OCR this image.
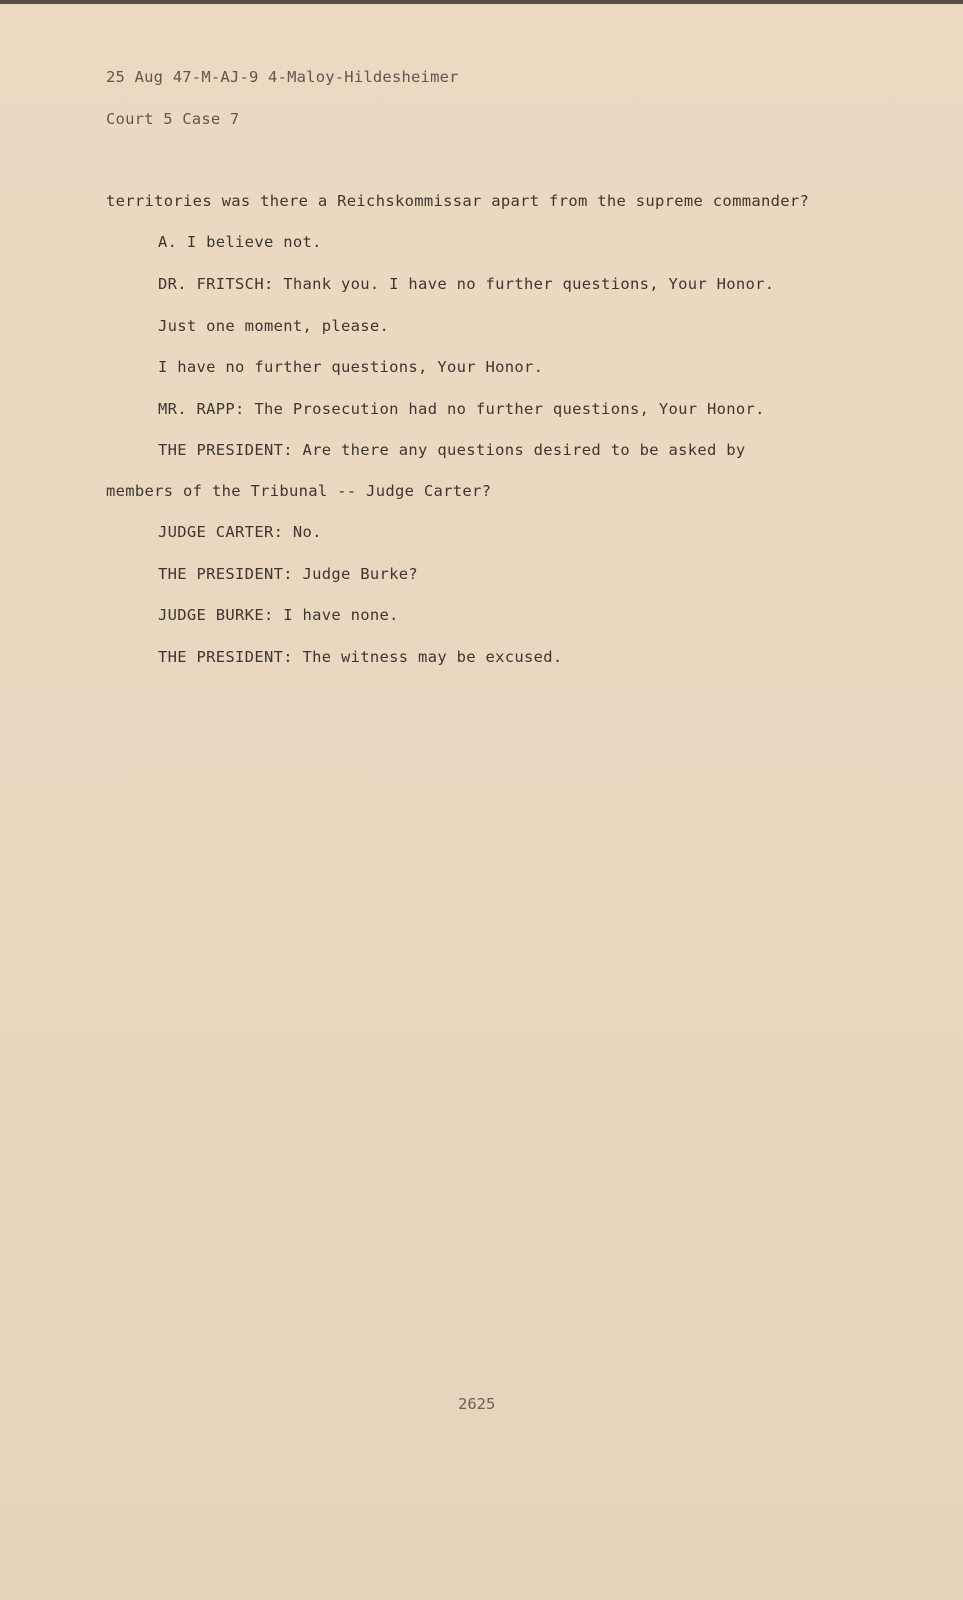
25 Aug 47-M-AJ-9 4-Maloy-Hildesheimer
Court 5 Case 7
territories was there a Reichskommissar apart from the supreme commander?
A. I believe not.
DR. FRITSCH: Thank you. I have no further questions, Your Honor.
Just one moment, please.
I have no further questions, Your Honor.
MR. RAPP: The Prosecution had no further questions, Your Honor.
THE PRESIDENT: Are there any questions desired to be asked by
members of the Tribunal -- Judge Carter?
JUDGE CARTER: No.
THE PRESIDENT: Judge Burke?
JUDGE BURKE: I have none.
THE PRESIDENT: The witness may be excused.
2625
